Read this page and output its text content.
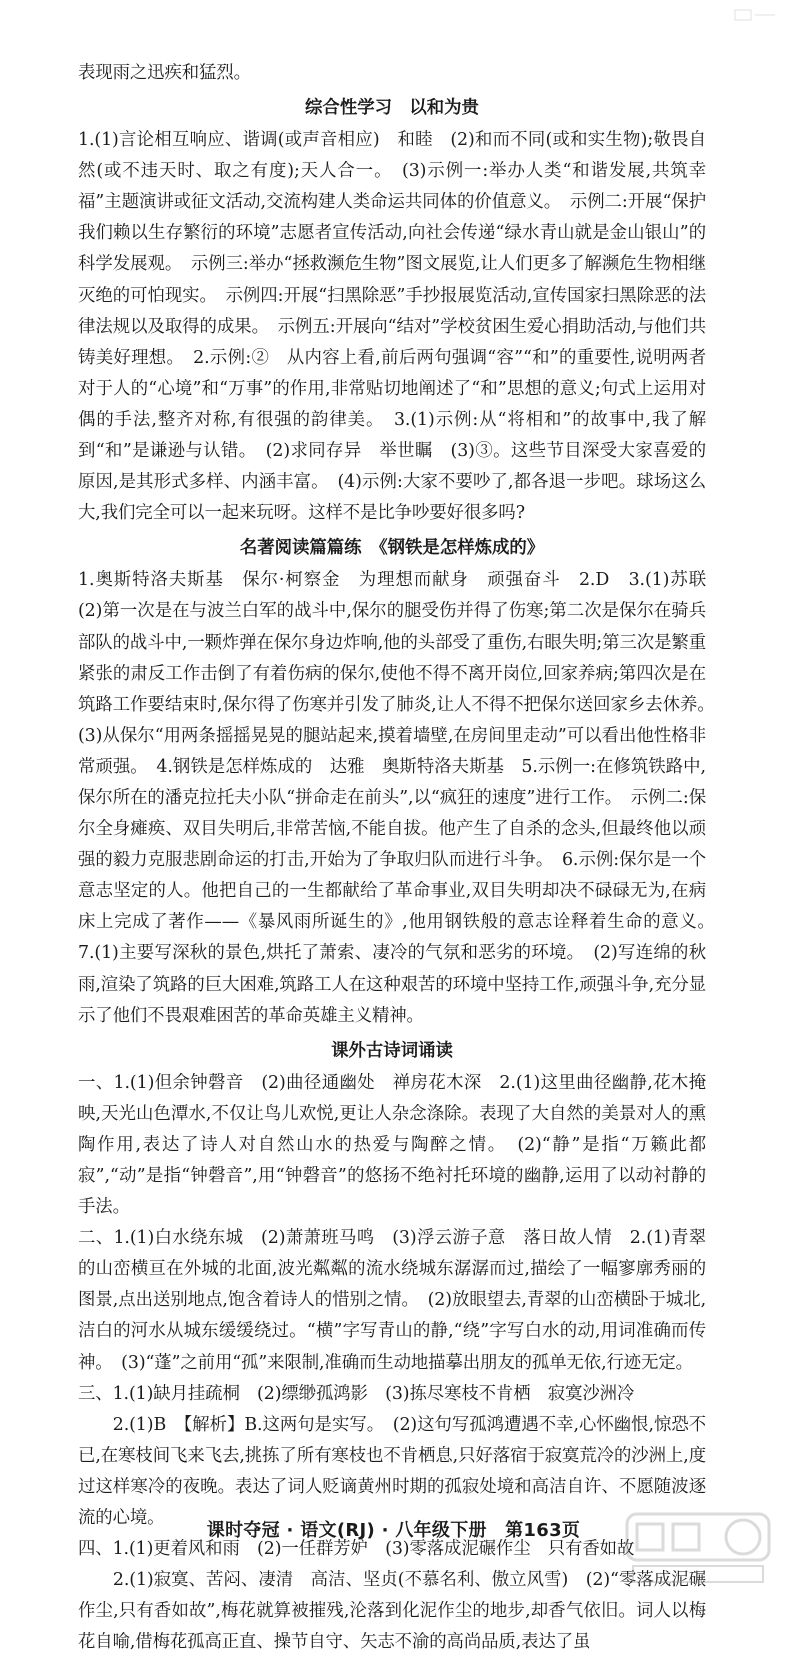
表现雨之迅疾和猛烈。

综合性学习　以和为贵

1.(1)言论相互响应、谐调(或声音相应)　和睦　(2)和而不同(或和实生物);敬畏自然(或不违天时、取之有度);天人合一。　(3)示例一:举办人类“和谐发展,共筑幸福”主题演讲或征文活动,交流构建人类命运共同体的价值意义。　示例二:开展“保护我们赖以生存繁衍的环境”志愿者宣传活动,向社会传递“绿水青山就是金山银山”的科学发展观。　示例三:举办“拯救濒危生物”图文展览,让人们更多了解濒危生物相继灭绝的可怕现实。　示例四:开展“扫黑除恶”手抄报展览活动,宣传国家扫黑除恶的法律法规以及取得的成果。　示例五:开展向“结对”学校贫困生爱心捐助活动,与他们共铸美好理想。　2.示例:②　从内容上看,前后两句强调“容”“和”的重要性,说明两者对于人的“心境”和“万事”的作用,非常贴切地阐述了“和”思想的意义;句式上运用对偶的手法,整齐对称,有很强的韵律美。　3.(1)示例:从“将相和”的故事中,我了解到“和”是谦逊与认错。　(2)求同存异　举世瞩　(3)③。这些节目深受大家喜爱的原因,是其形式多样、内涵丰富。　(4)示例:大家不要吵了,都各退一步吧。球场这么大,我们完全可以一起来玩呀。这样不是比争吵要好很多吗?

名著阅读篇篇练　《钢铁是怎样炼成的》

1.奥斯特洛夫斯基　保尔·柯察金　为理想而献身　顽强奋斗　2.D　3.(1)苏联　(2)第一次是在与波兰白军的战斗中,保尔的腿受伤并得了伤寒;第二次是保尔在骑兵部队的战斗中,一颗炸弹在保尔身边炸响,他的头部受了重伤,右眼失明;第三次是繁重紧张的肃反工作击倒了有着伤病的保尔,使他不得不离开岗位,回家养病;第四次是在筑路工作要结束时,保尔得了伤寒并引发了肺炎,让人不得不把保尔送回家乡去休养。　(3)从保尔“用两条摇摇晃晃的腿站起来,摸着墙壁,在房间里走动”可以看出他性格非常顽强。　4.钢铁是怎样炼成的　达雅　奥斯特洛夫斯基　5.示例一:在修筑铁路中,保尔所在的潘克拉托夫小队“拼命走在前头”,以“疯狂的速度”进行工作。　示例二:保尔全身瘫痪、双目失明后,非常苦恼,不能自拔。他产生了自杀的念头,但最终他以顽强的毅力克服悲剧命运的打击,开始为了争取归队而进行斗争。　6.示例:保尔是一个意志坚定的人。他把自己的一生都献给了革命事业,双目失明却决不碌碌无为,在病床上完成了著作——《暴风雨所诞生的》,他用钢铁般的意志诠释着生命的意义。　7.(1)主要写深秋的景色,烘托了萧索、凄冷的气氛和恶劣的环境。　(2)写连绵的秋雨,渲染了筑路的巨大困难,筑路工人在这种艰苦的环境中坚持工作,顽强斗争,充分显示了他们不畏艰难困苦的革命英雄主义精神。

课外古诗词诵读

一、1.(1)但余钟磬音　(2)曲径通幽处　禅房花木深　2.(1)这里曲径幽静,花木掩映,天光山色潭水,不仅让鸟儿欢悦,更让人杂念涤除。表现了大自然的美景对人的熏陶作用,表达了诗人对自然山水的热爱与陶醉之情。　(2)“静”是指“万籁此都寂”,“动”是指“钟磬音”,用“钟磬音”的悠扬不绝衬托环境的幽静,运用了以动衬静的手法。

二、1.(1)白水绕东城　(2)萧萧班马鸣　(3)浮云游子意　落日故人情　2.(1)青翠的山峦横亘在外城的北面,波光粼粼的流水绕城东潺潺而过,描绘了一幅寥廓秀丽的图景,点出送别地点,饱含着诗人的惜别之情。　(2)放眼望去,青翠的山峦横卧于城北,洁白的河水从城东缓缓绕过。“横”字写青山的静,“绕”字写白水的动,用词准确而传神。　(3)“蓬”之前用“孤”来限制,准确而生动地描摹出朋友的孤单无依,行迹无定。

三、1.(1)缺月挂疏桐　(2)缥缈孤鸿影　(3)拣尽寒枝不肯栖　寂寞沙洲冷

　　2.(1)B　【解析】B.这两句是实写。　(2)这句写孤鸿遭遇不幸,心怀幽恨,惊恐不已,在寒枝间飞来飞去,挑拣了所有寒枝也不肯栖息,只好落宿于寂寞荒冷的沙洲上,度过这样寒冷的夜晚。表达了词人贬谪黄州时期的孤寂处境和高洁自许、不愿随波逐流的心境。

四、1.(1)更着风和雨　(2)一任群芳妒　(3)零落成泥碾作尘　只有香如故

　　2.(1)寂寞、苦闷、凄清　高洁、坚贞(不慕名利、傲立风雪)　(2)“零落成泥碾作尘,只有香如故”,梅花就算被摧残,沦落到化泥作尘的地步,却香气依旧。词人以梅花自喻,借梅花孤高正直、操节自守、矢志不渝的高尚品质,表达了虽

课时夺冠 · 语文(RJ) · 八年级下册　第163页
